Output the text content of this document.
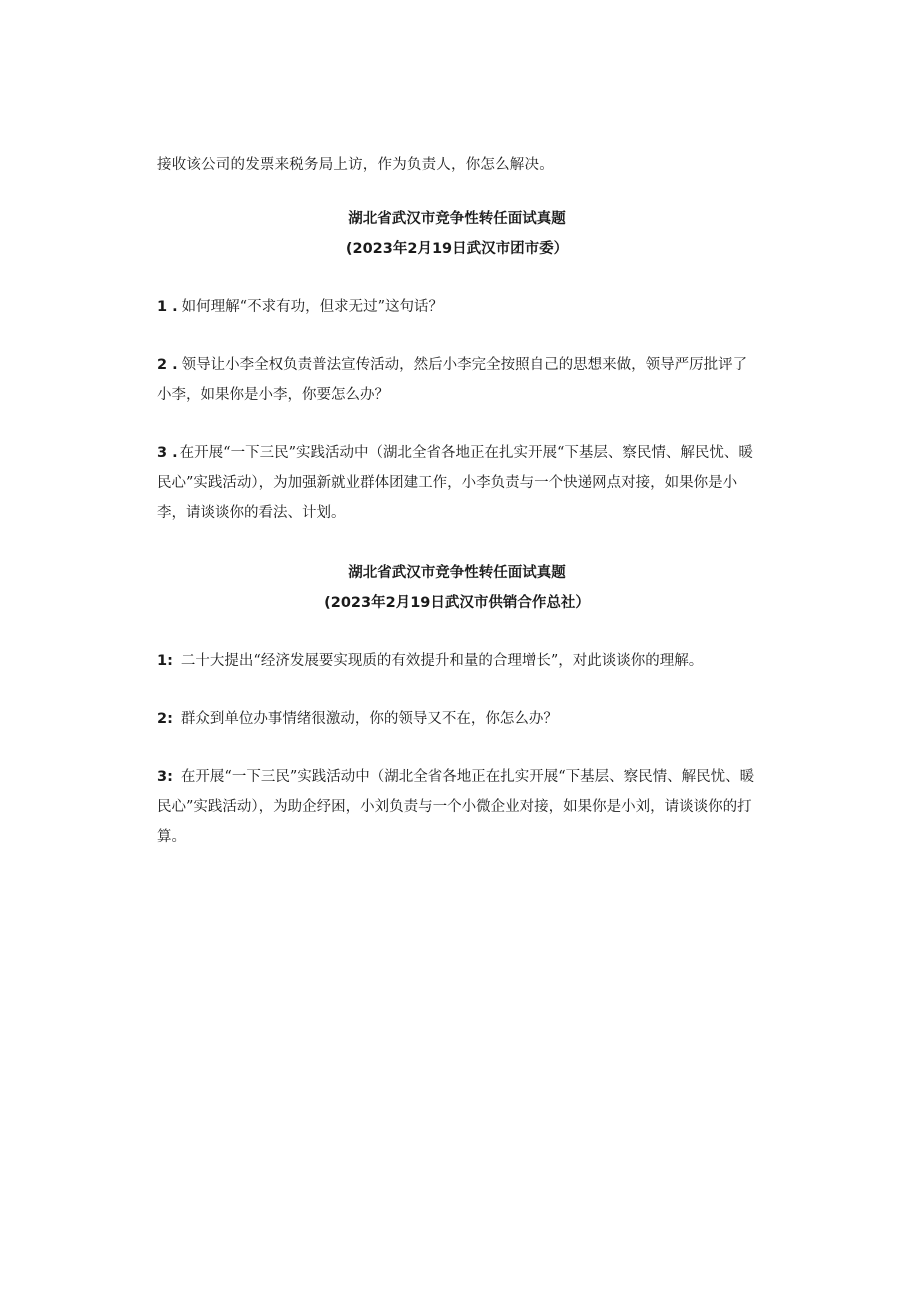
接收该公司的发票来税务局上访，作为负责人，你怎么解决。

湖北省武汉市竞争性转任面试真题
(2023年2月19日武汉市团市委）

1 . 如何理解“不求有功，但求无过”这句话？

2 . 领导让小李全权负责普法宣传活动，然后小李完全按照自己的思想来做，领导严厉批评了小李，如果你是小李，你要怎么办？

3 . 在开展“一下三民”实践活动中（湖北全省各地正在扎实开展“下基层、察民情、解民忧、暖民心”实践活动），为加强新就业群体团建工作，小李负责与一个快递网点对接，如果你是小李，请谈谈你的看法、计划。

湖北省武汉市竞争性转任面试真题
(2023年2月19日武汉市供销合作总社）

1: 二十大提出“经济发展要实现质的有效提升和量的合理增长”，对此谈谈你的理解。

2: 群众到单位办事情绪很激动，你的领导又不在，你怎么办？

3: 在开展“一下三民”实践活动中（湖北全省各地正在扎实开展“下基层、察民情、解民忧、暖民心”实践活动），为助企纾困，小刘负责与一个小微企业对接，如果你是小刘，请谈谈你的打算。
